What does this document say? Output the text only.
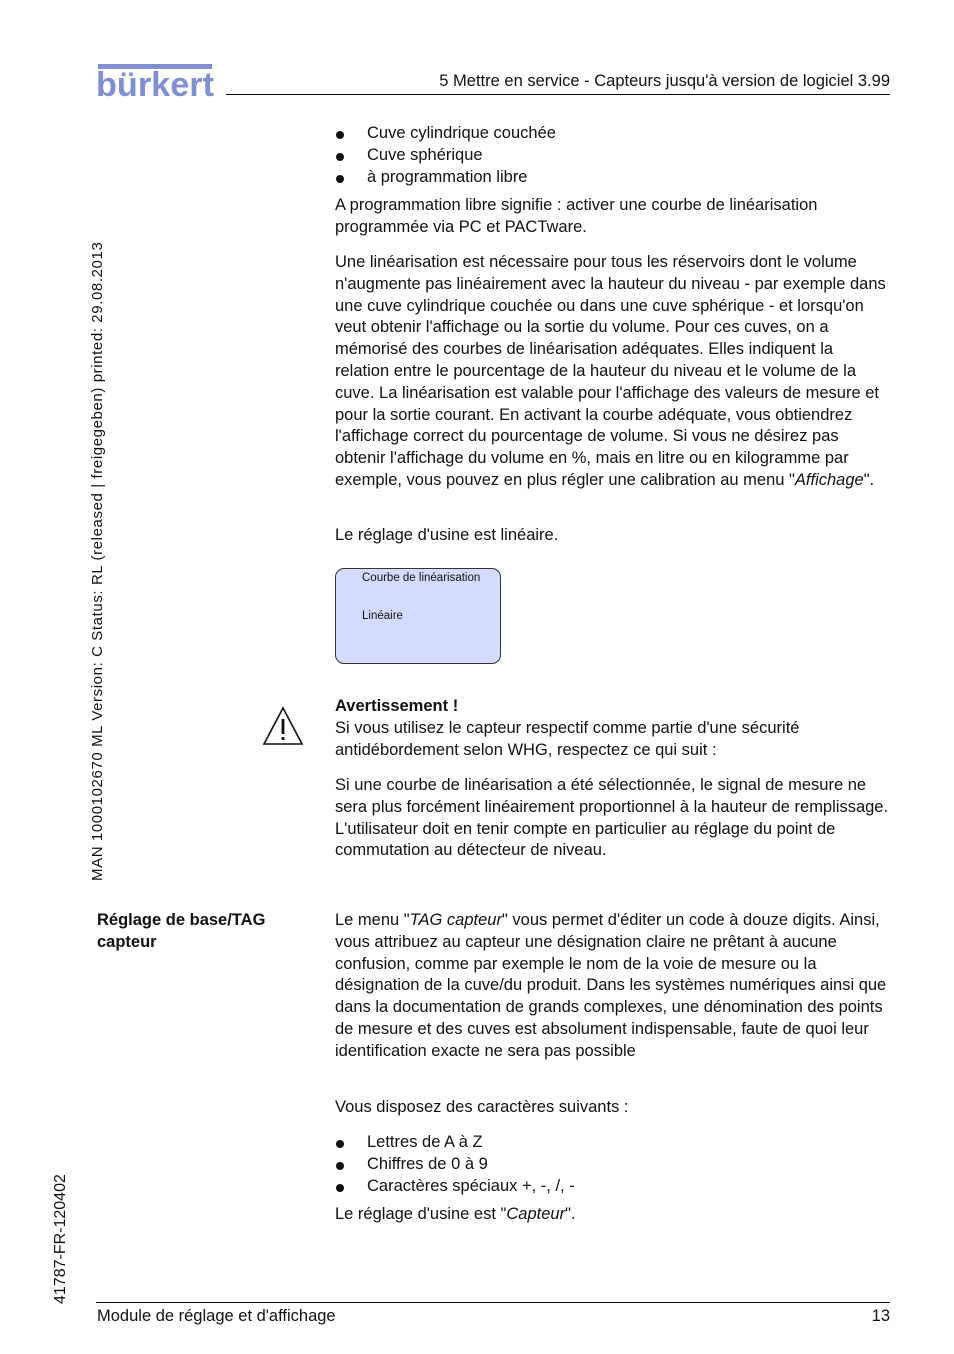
bürkert	5 Mettre en service - Capteurs jusqu'à version de logiciel 3.99
MAN 1000102670 ML Version: C Status: RL (released | freigegeben) printed: 29.08.2013
41787-FR-120402
Cuve cylindrique couchée
Cuve sphérique
à programmation libre

A programmation libre signifie : activer une courbe de linéarisation programmée via PC et PACTware.

Une linéarisation est nécessaire pour tous les réservoirs dont le volume n'augmente pas linéairement avec la hauteur du niveau - par exemple dans une cuve cylindrique couchée ou dans une cuve sphérique - et lorsqu'on veut obtenir l'affichage ou la sortie du volume. Pour ces cuves, on a mémorisé des courbes de linéarisation adéquates. Elles indiquent la relation entre le pourcentage de la hauteur du niveau et le volume de la cuve. La linéarisation est valable pour l'affichage des valeurs de mesure et pour la sortie courant. En activant la courbe adéquate, vous obtiendrez l'affichage correct du pourcentage de volume. Si vous ne désirez pas obtenir l'affichage du volume en %, mais en litre ou en kilogramme par exemple, vous pouvez en plus régler une calibration au menu "Affichage".

Le réglage d'usine est linéaire.

Courbe de linéarisation
Linéaire

Avertissement !

Si vous utilisez le capteur respectif comme partie d'une sécurité antidébordement selon WHG, respectez ce qui suit :

Si une courbe de linéarisation a été sélectionnée, le signal de mesure ne sera plus forcément linéairement proportionnel à la hauteur de remplissage. L'utilisateur doit en tenir compte en particulier au réglage du point de commutation au détecteur de niveau.

Réglage de base/TAG capteur

Le menu "TAG capteur" vous permet d'éditer un code à douze digits. Ainsi, vous attribuez au capteur une désignation claire ne prêtant à aucune confusion, comme par exemple le nom de la voie de mesure ou la désignation de la cuve/du produit. Dans les systèmes numériques ainsi que dans la documentation de grands complexes, une dénomination des points de mesure et des cuves est absolument indispensable, faute de quoi leur identification exacte ne sera pas possible

Vous disposez des caractères suivants :

Lettres de A à Z
Chiffres de 0 à 9
Caractères spéciaux +, -, /, -

Le réglage d'usine est "Capteur".

Module de réglage et d'affichage	13
